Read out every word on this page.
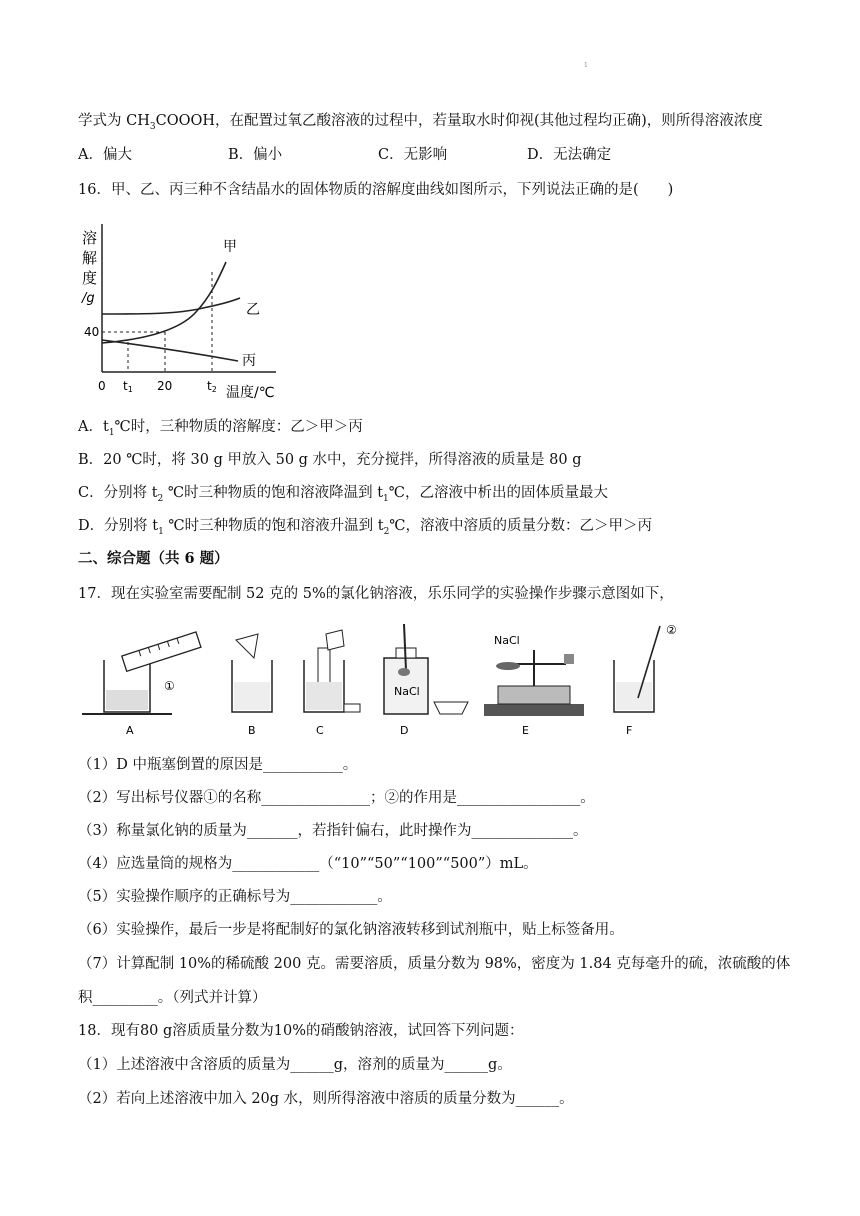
1
学式为 $CH_3COOOH$，在配置过氧乙酸溶液的过程中，若量取水时仰视(其他过程均正确)，则所得溶液浓度
A．偏大	B．偏小	C．无影响	D．无法确定
16．甲、乙、丙三种不含结晶水的固体物质的溶解度曲线如图所示，下列说法正确的是(　　)
溶
解
度
/g
40
0 t1 20	t2 温度/℃
甲
乙
丙
A．$t_1℃$时，三种物质的溶解度：乙＞甲＞丙
B．20 ℃时，将 30 g 甲放入 50 g 水中，充分搅拌，所得溶液的质量是 80 g
C．分别将 $t_2$ ℃时三种物质的饱和溶液降温到 $t_1℃$，乙溶液中析出的固体质量最大
D．分别将 $t_1$ ℃时三种物质的饱和溶液升温到 $t_2℃$，溶液中溶质的质量分数：乙＞甲＞丙
二、综合题（共 6 题）
17．现在实验室需要配制 52 克的 5%的氯化钠溶液，乐乐同学的实验操作步骤示意图如下，
①	NaCl
NaCl
②
A	B	C	D	E	F
（1）D 中瓶塞倒置的原因是___________。
（2）写出标号仪器①的名称_______________；②的作用是_________________。
（3）称量氯化钠的质量为_______，若指针偏右，此时操作为______________。
（4）应选量筒的规格为____________（“10”“50”“100”“500”）mL。
（5）实验操作顺序的正确标号为____________。
（6）实验操作，最后一步是将配制好的氯化钠溶液转移到试剂瓶中，贴上标签备用。
（7）计算配制 10%的稀硫酸 200 克。需要溶质，质量分数为 98%，密度为 1.84 克每毫升的硫，浓硫酸的体
积_________。（列式并计算）
18．现有80 g溶质质量分数为10%的硝酸钠溶液，试回答下列问题：
（1）上述溶液中含溶质的质量为______g，溶剂的质量为______g。
（2）若向上述溶液中加入 20g 水，则所得溶液中溶质的质量分数为______。
